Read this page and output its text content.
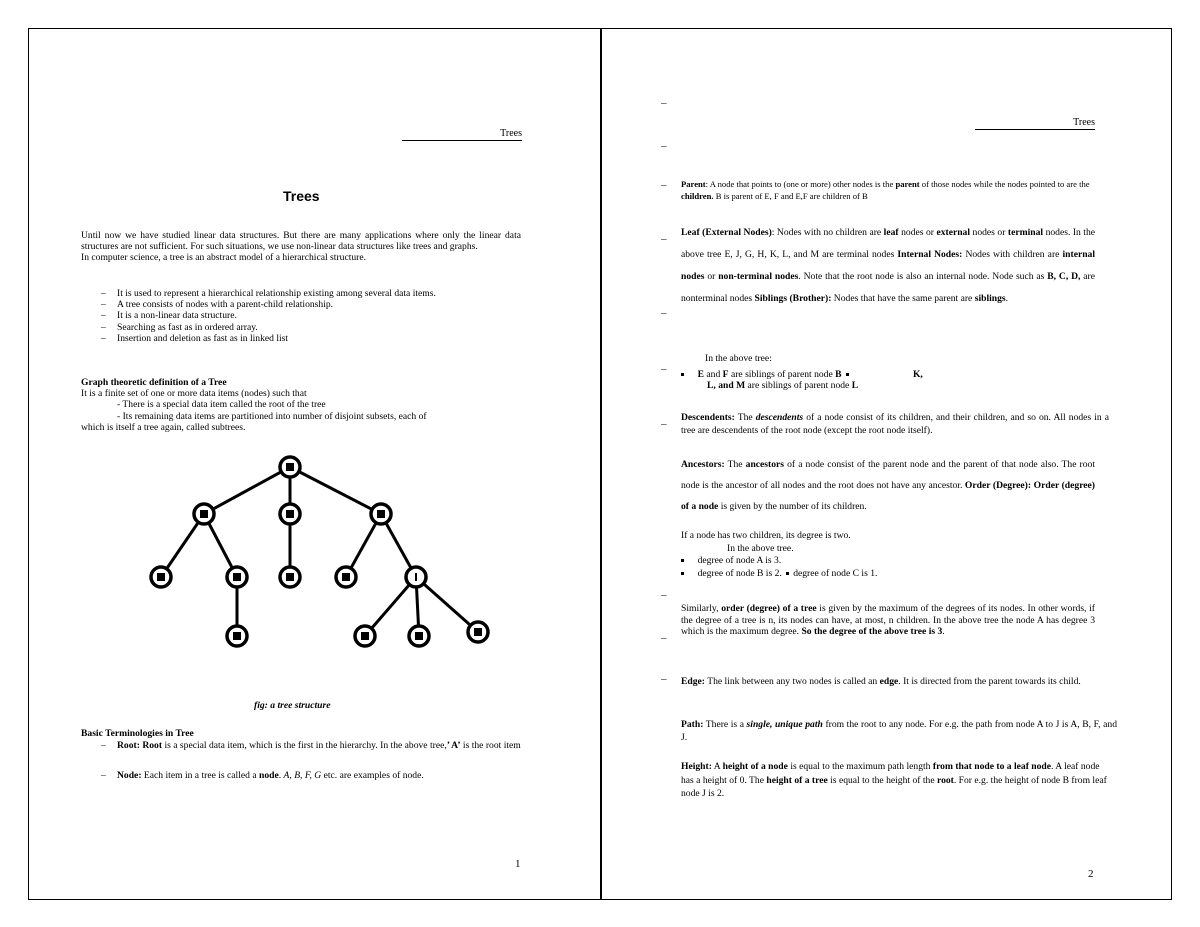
Trees
Trees

Until now we have studied linear data structures. But there are many applications where only the linear data structures are not sufficient. For such situations, we use non-linear data structures like trees and graphs.

In computer science, a tree is an abstract model of a hierarchical structure.

– It is used to represent a hierarchical relationship existing among several data items.
– A tree consists of nodes with a parent-child relationship.
– It is a non-linear data structure.
– Searching as fast as in ordered array.
– Insertion and deletion as fast as in linked list

Graph theoretic definition of a Tree

It is a finite set of one or more data items (nodes) such that

- There is a special data item called the root of the tree

- Its remaining data items are partitioned into number of disjoint subsets, each of

which is itself a tree again, called subtrees.

fig: a tree structure

Basic Terminologies in Tree

– Root: Root is a special data item, which is the first in the hierarchy. In the above tree,’ A’ is the root item
– Node: Each item in a tree is called a node. A, B, F, G etc. are examples of node.
1
–
–
Trees
– Parent: A node that points to (one or more) other nodes is the parent of those nodes while the nodes pointed to are the children. B is parent of E, F and E,F are children of B
–
–
Leaf (External Nodes): Nodes with no children are leaf nodes or external nodes or terminal nodes. In the above tree E, J, G, H, K, L, and M are terminal nodes Internal Nodes: Nodes with children are internal nodes or non-terminal nodes. Note that the root node is also an internal node. Node such as B, C, D, are nonterminal nodes Siblings (Brother): Nodes that have the same parent are siblings.
In the above tree:
–	E and F are siblings of parent node B	K,

L, and M are siblings of parent node L

–
Descendents: The descendents of a node consist of its children, and their children, and so on. All nodes in a tree are descendents of the root node (except the root node itself).
Ancestors: The ancestors of a node consist of the parent node and the parent of that node also. The root node is the ancestor of all nodes and the root does not have any ancestor. Order (Degree): Order (degree) of a node is given by the number of its children.

If a node has two children, its degree is two.

In the above tree.

degree of node A is 3.

degree of node B is 2. degree of node C is 1.

–
–
Similarly, order (degree) of a tree is given by the maximum of the degrees of its nodes. In other words, if the degree of a tree is n, its nodes can have, at most, n children. In the above tree the node A has degree 3 which is the maximum degree. So the degree of the above tree is 3.
– Edge: The link between any two nodes is called an edge. It is directed from the parent towards its child.
Path: There is a single, unique path from the root to any node. For e.g. the path from node A to J is A, B, F, and J.
Height: A height of a node is equal to the maximum path length from that node to a leaf node. A leaf node has a height of 0. The height of a tree is equal to the height of the root. For e.g. the height of node B from leaf node J is 2.
2
